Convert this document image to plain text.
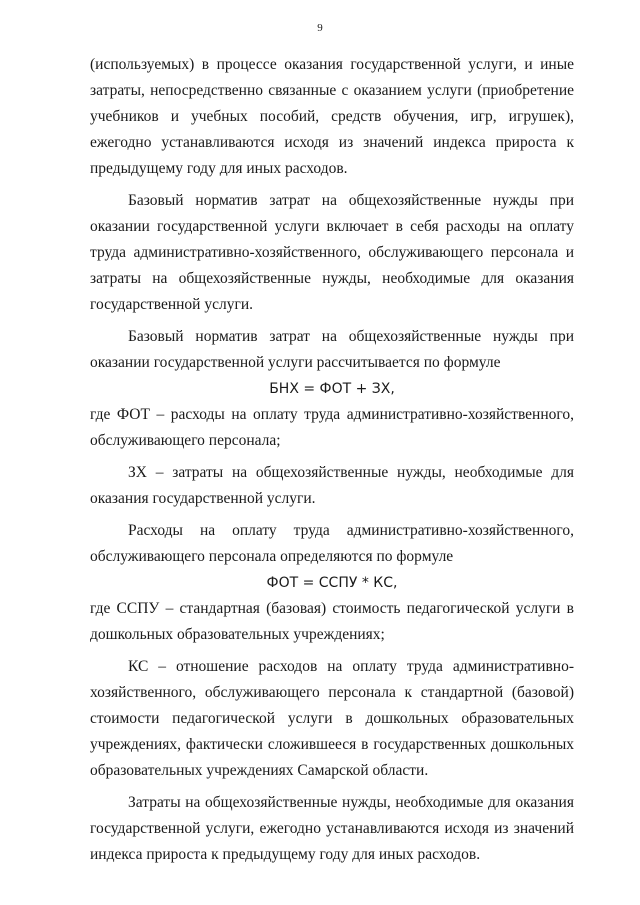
9

(используемых) в процессе оказания государственной услуги, и иные затраты, непосредственно связанные с оказанием услуги (приобретение учебников и учебных пособий, средств обучения, игр, игрушек), ежегодно устанавливаются исходя из значений индекса прироста к предыдущему году для иных расходов.

Базовый норматив затрат на общехозяйственные нужды при оказании государственной услуги включает в себя расходы на оплату труда административно-хозяйственного, обслуживающего персонала и затраты на общехозяйственные нужды, необходимые для оказания государственной услуги.

Базовый норматив затрат на общехозяйственные нужды при оказании государственной услуги рассчитывается по формуле

БНХ = ФОТ + ЗХ,

где ФОТ – расходы на оплату труда административно-хозяйственного, обслуживающего персонала;

ЗХ – затраты на общехозяйственные нужды, необходимые для оказания государственной услуги.

Расходы на оплату труда административно-хозяйственного,
обслуживающего персонала определяются по формуле

ФОТ = ССПУ * КС,

где ССПУ – стандартная (базовая) стоимость педагогической услуги в дошкольных образовательных учреждениях;

КС – отношение расходов на оплату труда административно-хозяйственного, обслуживающего персонала к стандартной (базовой) стоимости педагогической услуги в дошкольных образовательных учреждениях, фактически сложившееся в государственных дошкольных образовательных учреждениях Самарской области.

Затраты на общехозяйственные нужды, необходимые для оказания государственной услуги, ежегодно устанавливаются исходя из значений индекса прироста к предыдущему году для иных расходов.
